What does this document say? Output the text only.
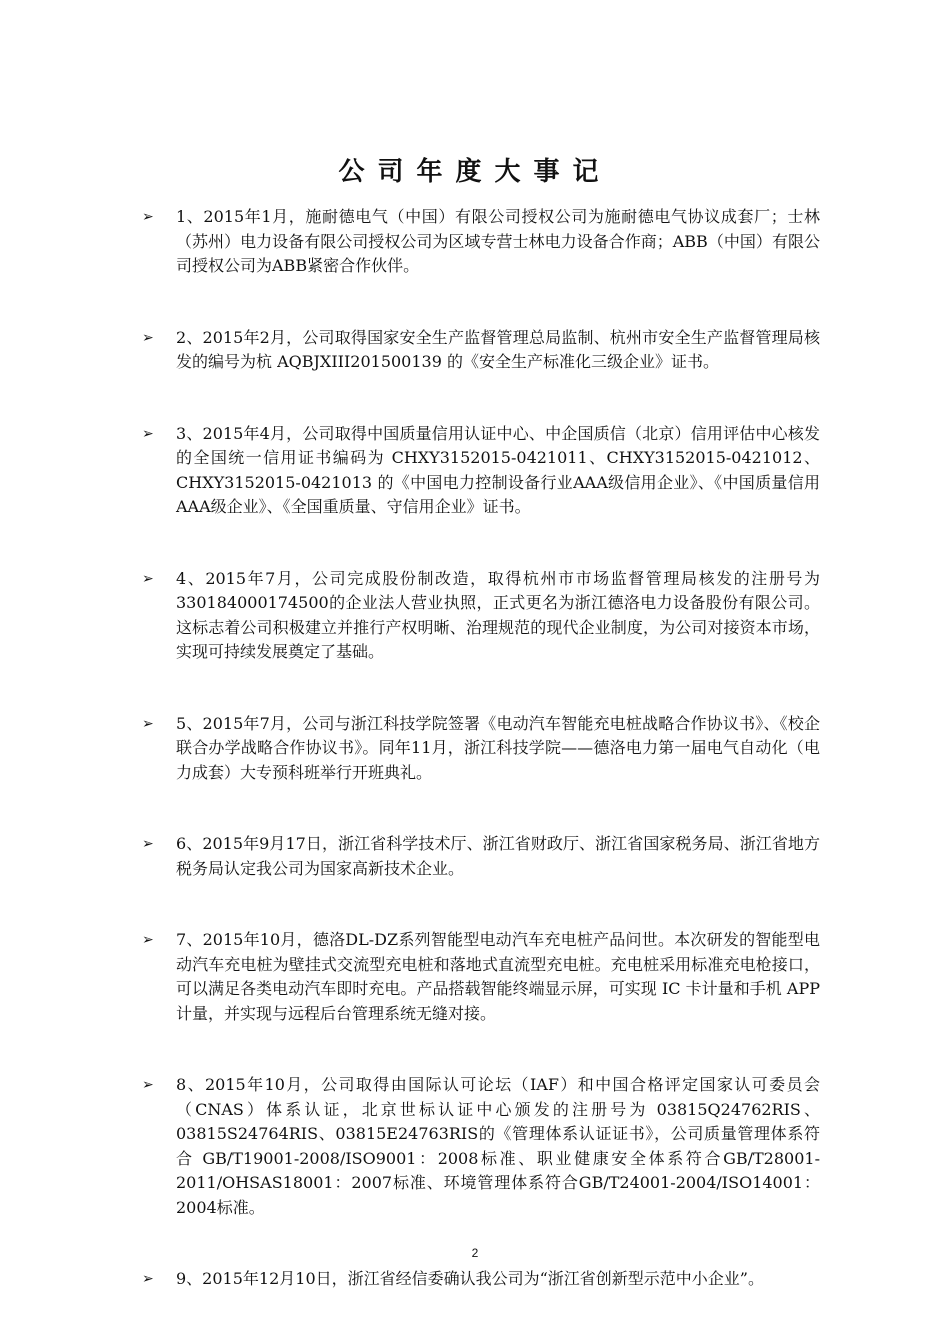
公司年度大事记
➢ 1、2015年1月，施耐德电气（中国）有限公司授权公司为施耐德电气协议成套厂；士林（苏州）电力设备有限公司授权公司为区域专营士林电力设备合作商；ABB（中国）有限公司授权公司为ABB紧密合作伙伴。
➢ 2、2015年2月，公司取得国家安全生产监督管理总局监制、杭州市安全生产监督管理局核发的编号为杭 AQBJXIII201500139 的《安全生产标准化三级企业》证书。
➢ 3、2015年4月，公司取得中国质量信用认证中心、中企国质信（北京）信用评估中心核发的全国统一信用证书编码为 CHXY3152015-0421011、CHXY3152015-0421012、CHXY3152015-0421013 的《中国电力控制设备行业AAA级信用企业》、《中国质量信用AAA级企业》、《全国重质量、守信用企业》证书。
➢ 4、2015年7月，公司完成股份制改造，取得杭州市市场监督管理局核发的注册号为330184000174500的企业法人营业执照，正式更名为浙江德洛电力设备股份有限公司。这标志着公司积极建立并推行产权明晰、治理规范的现代企业制度，为公司对接资本市场，实现可持续发展奠定了基础。
➢ 5、2015年7月，公司与浙江科技学院签署《电动汽车智能充电桩战略合作协议书》、《校企联合办学战略合作协议书》。同年11月，浙江科技学院——德洛电力第一届电气自动化（电力成套）大专预科班举行开班典礼。
➢ 6、2015年9月17日，浙江省科学技术厅、浙江省财政厅、浙江省国家税务局、浙江省地方税务局认定我公司为国家高新技术企业。
➢ 7、2015年10月，德洛DL-DZ系列智能型电动汽车充电桩产品问世。本次研发的智能型电动汽车充电桩为壁挂式交流型充电桩和落地式直流型充电桩。充电桩采用标准充电枪接口，可以满足各类电动汽车即时充电。产品搭载智能终端显示屏，可实现 IC 卡计量和手机 APP 计量，并实现与远程后台管理系统无缝对接。
➢ 8、2015年10月，公司取得由国际认可论坛（IAF）和中国合格评定国家认可委员会（CNAS）体系认证，北京世标认证中心颁发的注册号为 03815Q24762RIS、03815S24764RIS、03815E24763RIS的《管理体系认证证书》，公司质量管理体系符合 GB/T19001-2008/ISO9001：2008标准、职业健康安全体系符合GB/T28001-2011/OHSAS18001：2007标准、环境管理体系符合GB/T24001-2004/ISO14001：2004标准。
➢ 9、2015年12月10日，浙江省经信委确认我公司为“浙江省创新型示范中小企业”。
2
